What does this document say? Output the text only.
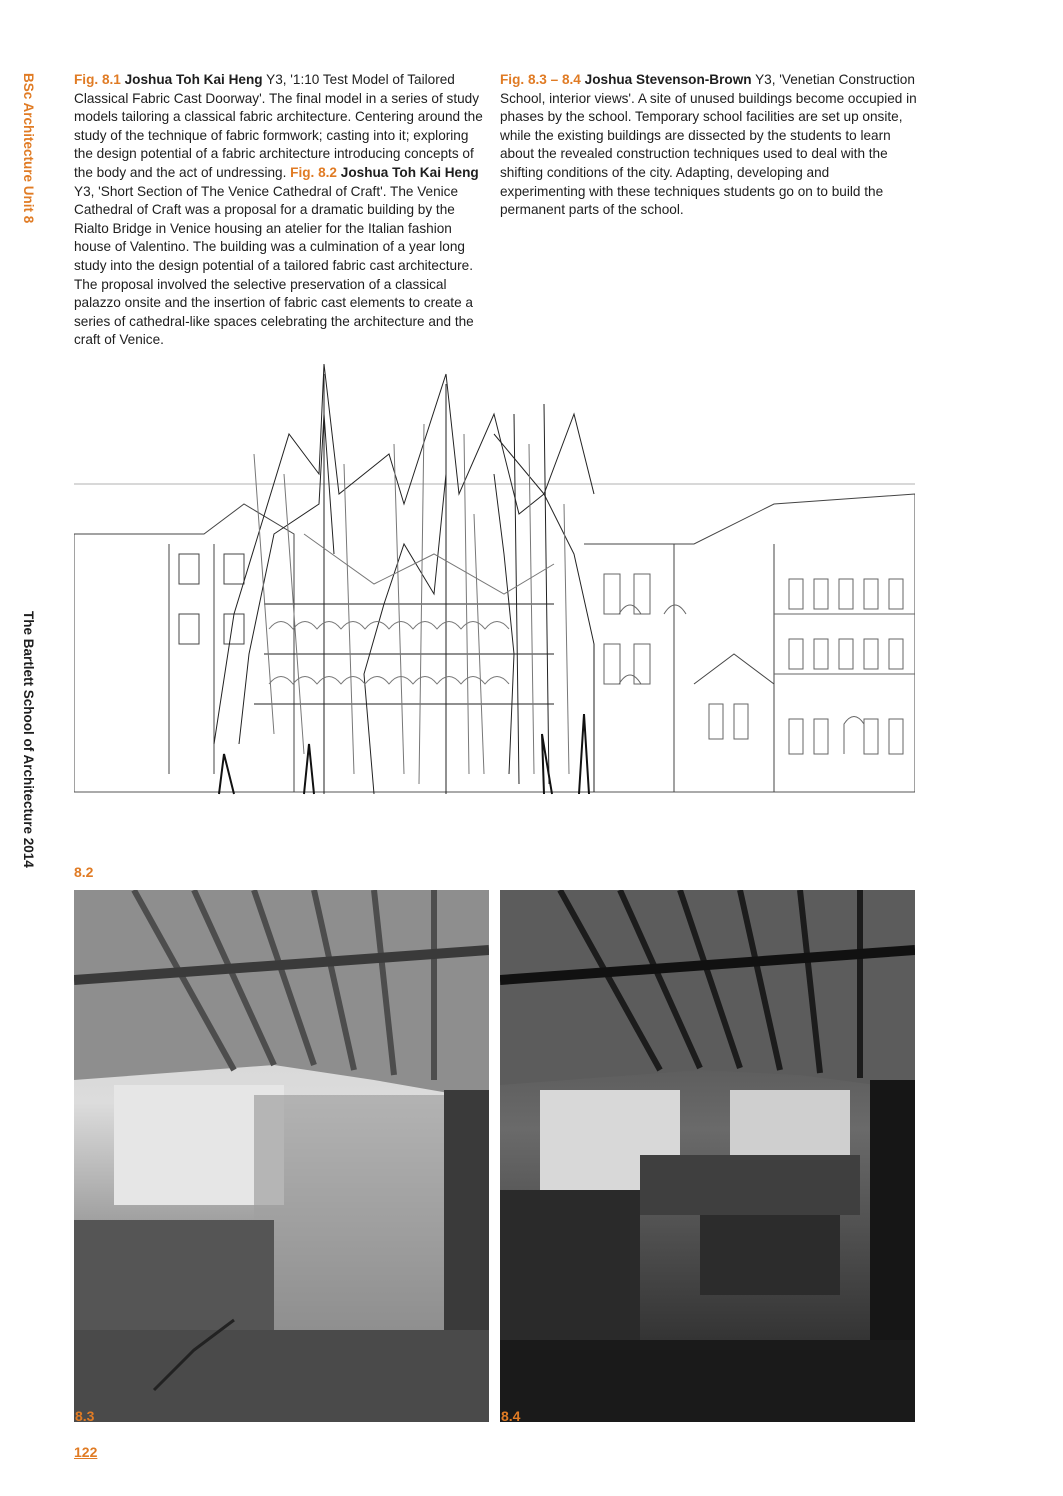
BSc Architecture Unit 8
The Bartlett School of Architecture 2014

Fig. 8.1 Joshua Toh Kai Heng Y3, '1:10 Test Model of Tailored Classical Fabric Cast Doorway'. The final model in a series of study models tailoring a classical fabric architecture. Centering around the study of the technique of fabric formwork; casting into it; exploring the design potential of a fabric architecture introducing concepts of the body and the act of undressing. Fig. 8.2 Joshua Toh Kai Heng Y3, 'Short Section of The Venice Cathedral of Craft'. The Venice Cathedral of Craft was a proposal for a dramatic building by the Rialto Bridge in Venice housing an atelier for the Italian fashion house of Valentino. The building was a culmination of a year long study into the design potential of a tailored fabric cast architecture. The proposal involved the selective preservation of a classical palazzo onsite and the insertion of fabric cast elements to create a series of cathedral-like spaces celebrating the architecture and the craft of Venice.

Fig. 8.3 – 8.4 Joshua Stevenson-Brown Y3, 'Venetian Construction School, interior views'. A site of unused buildings become occupied in phases by the school. Temporary school facilities are set up onsite, while the existing buildings are dissected by the students to learn about the revealed construction techniques used to deal with the shifting conditions of the city. Adapting, developing and experimenting with these techniques students go on to build the permanent parts of the school.

8.2
8.3	8.4
122
